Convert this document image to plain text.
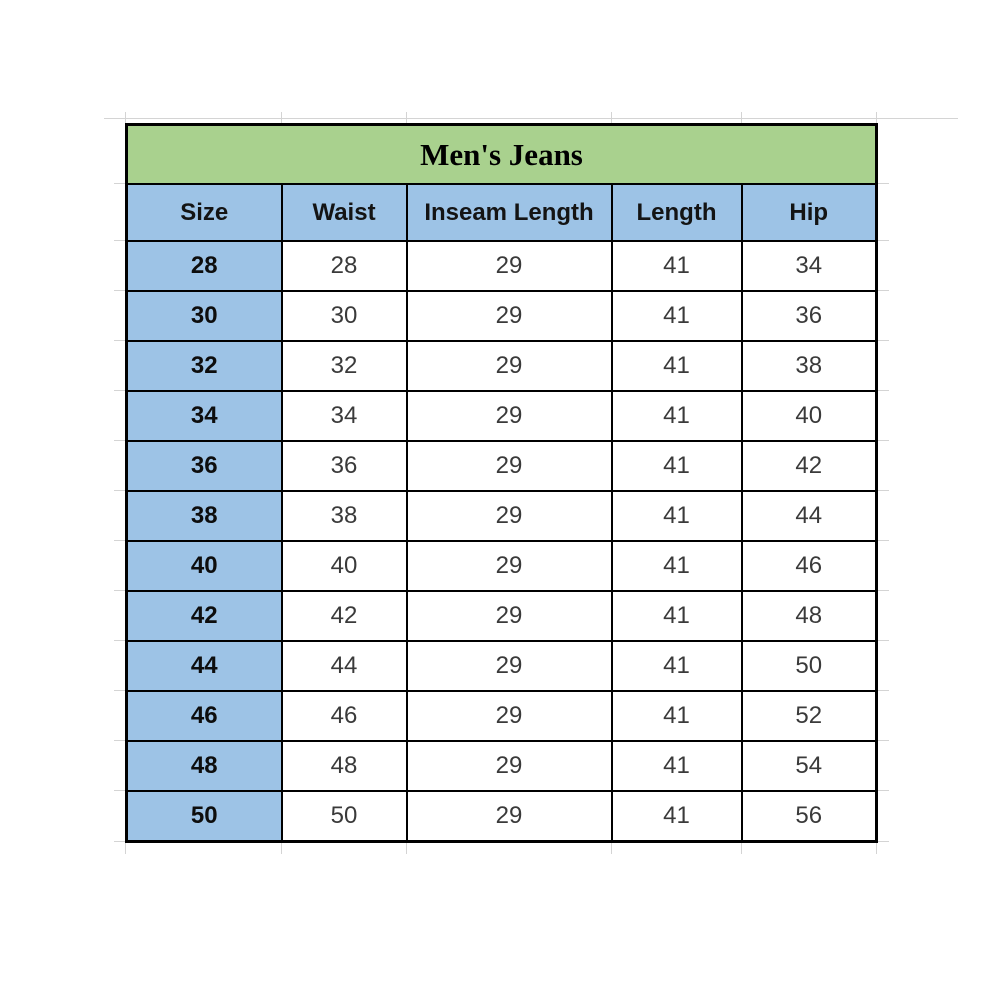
Men's Jeans				
Size	Waist	Inseam Length	Length	Hip
28	28	29	41	34
30	30	29	41	36
32	32	29	41	38
34	34	29	41	40
36	36	29	41	42
38	38	29	41	44
40	40	29	41	46
42	42	29	41	48
44	44	29	41	50
46	46	29	41	52
48	48	29	41	54
50	50	29	41	56
